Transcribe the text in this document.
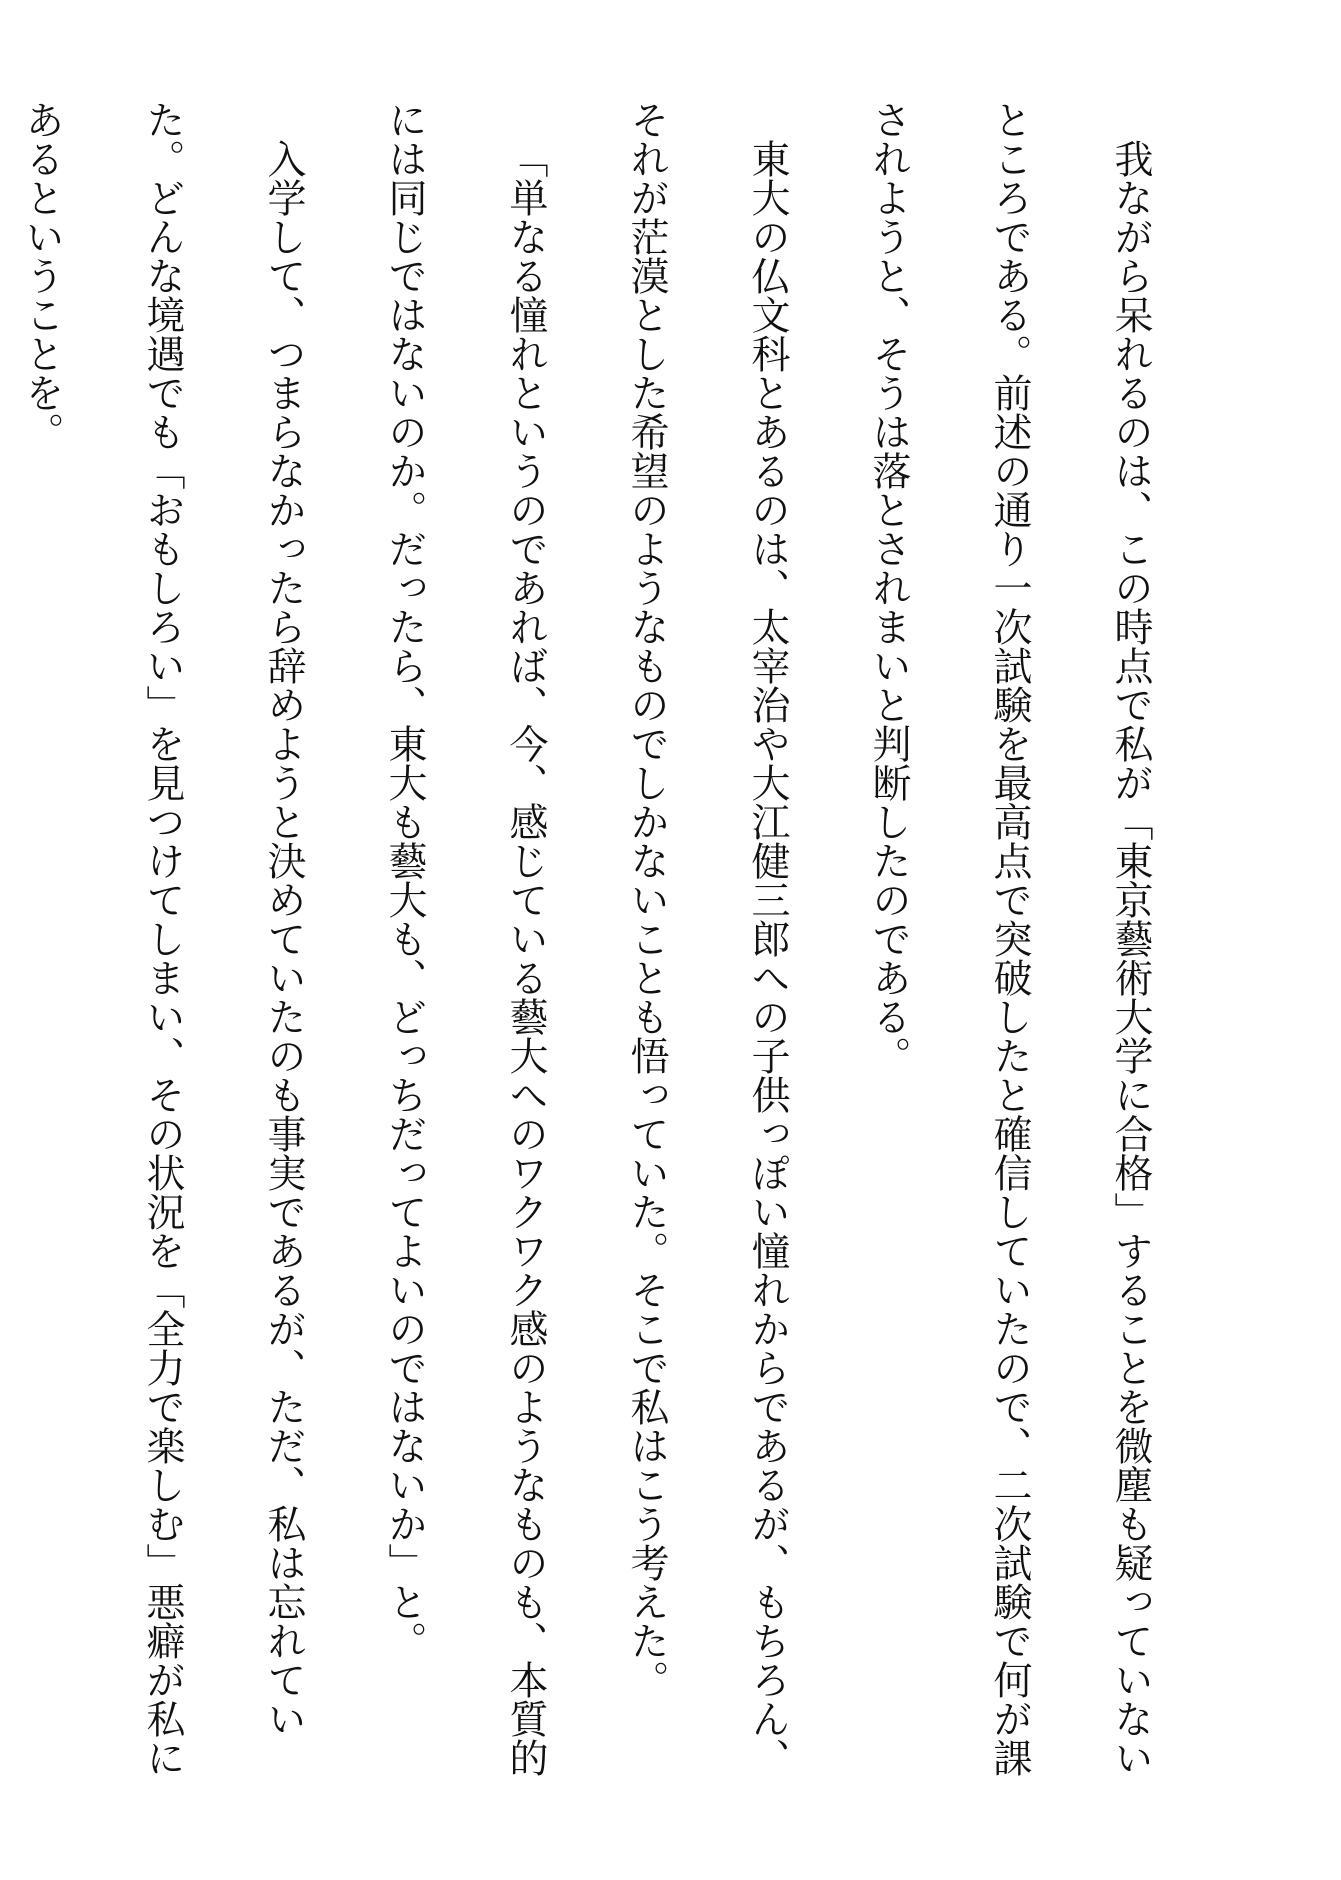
我ながら呆れるのは、この時点で私が「東京藝術大学に合格」することを微塵も疑っていないところである。前述の通り一次試験を最高点で突破したと確信していたので、二次試験で何が課されようと、そうは落とされまいと判断したのである。

東大の仏文科とあるのは、太宰治や大江健三郎への子供っぽい憧れからであるが、もちろん、それが茫漠とした希望のようなものでしかないことも悟っていた。そこで私はこう考えた。

「単なる憧れというのであれば、今、感じている藝大へのワクワク感のようなものも、本質的には同じではないのか。だったら、東大も藝大も、どっちだってよいのではないか」と。

入学して、つまらなかったら辞めようと決めていたのも事実であるが、ただ、私は忘れていた。どんな境遇でも「おもしろい」を見つけてしまい、その状況を「全力で楽しむ」悪癖が私にあるということを。
